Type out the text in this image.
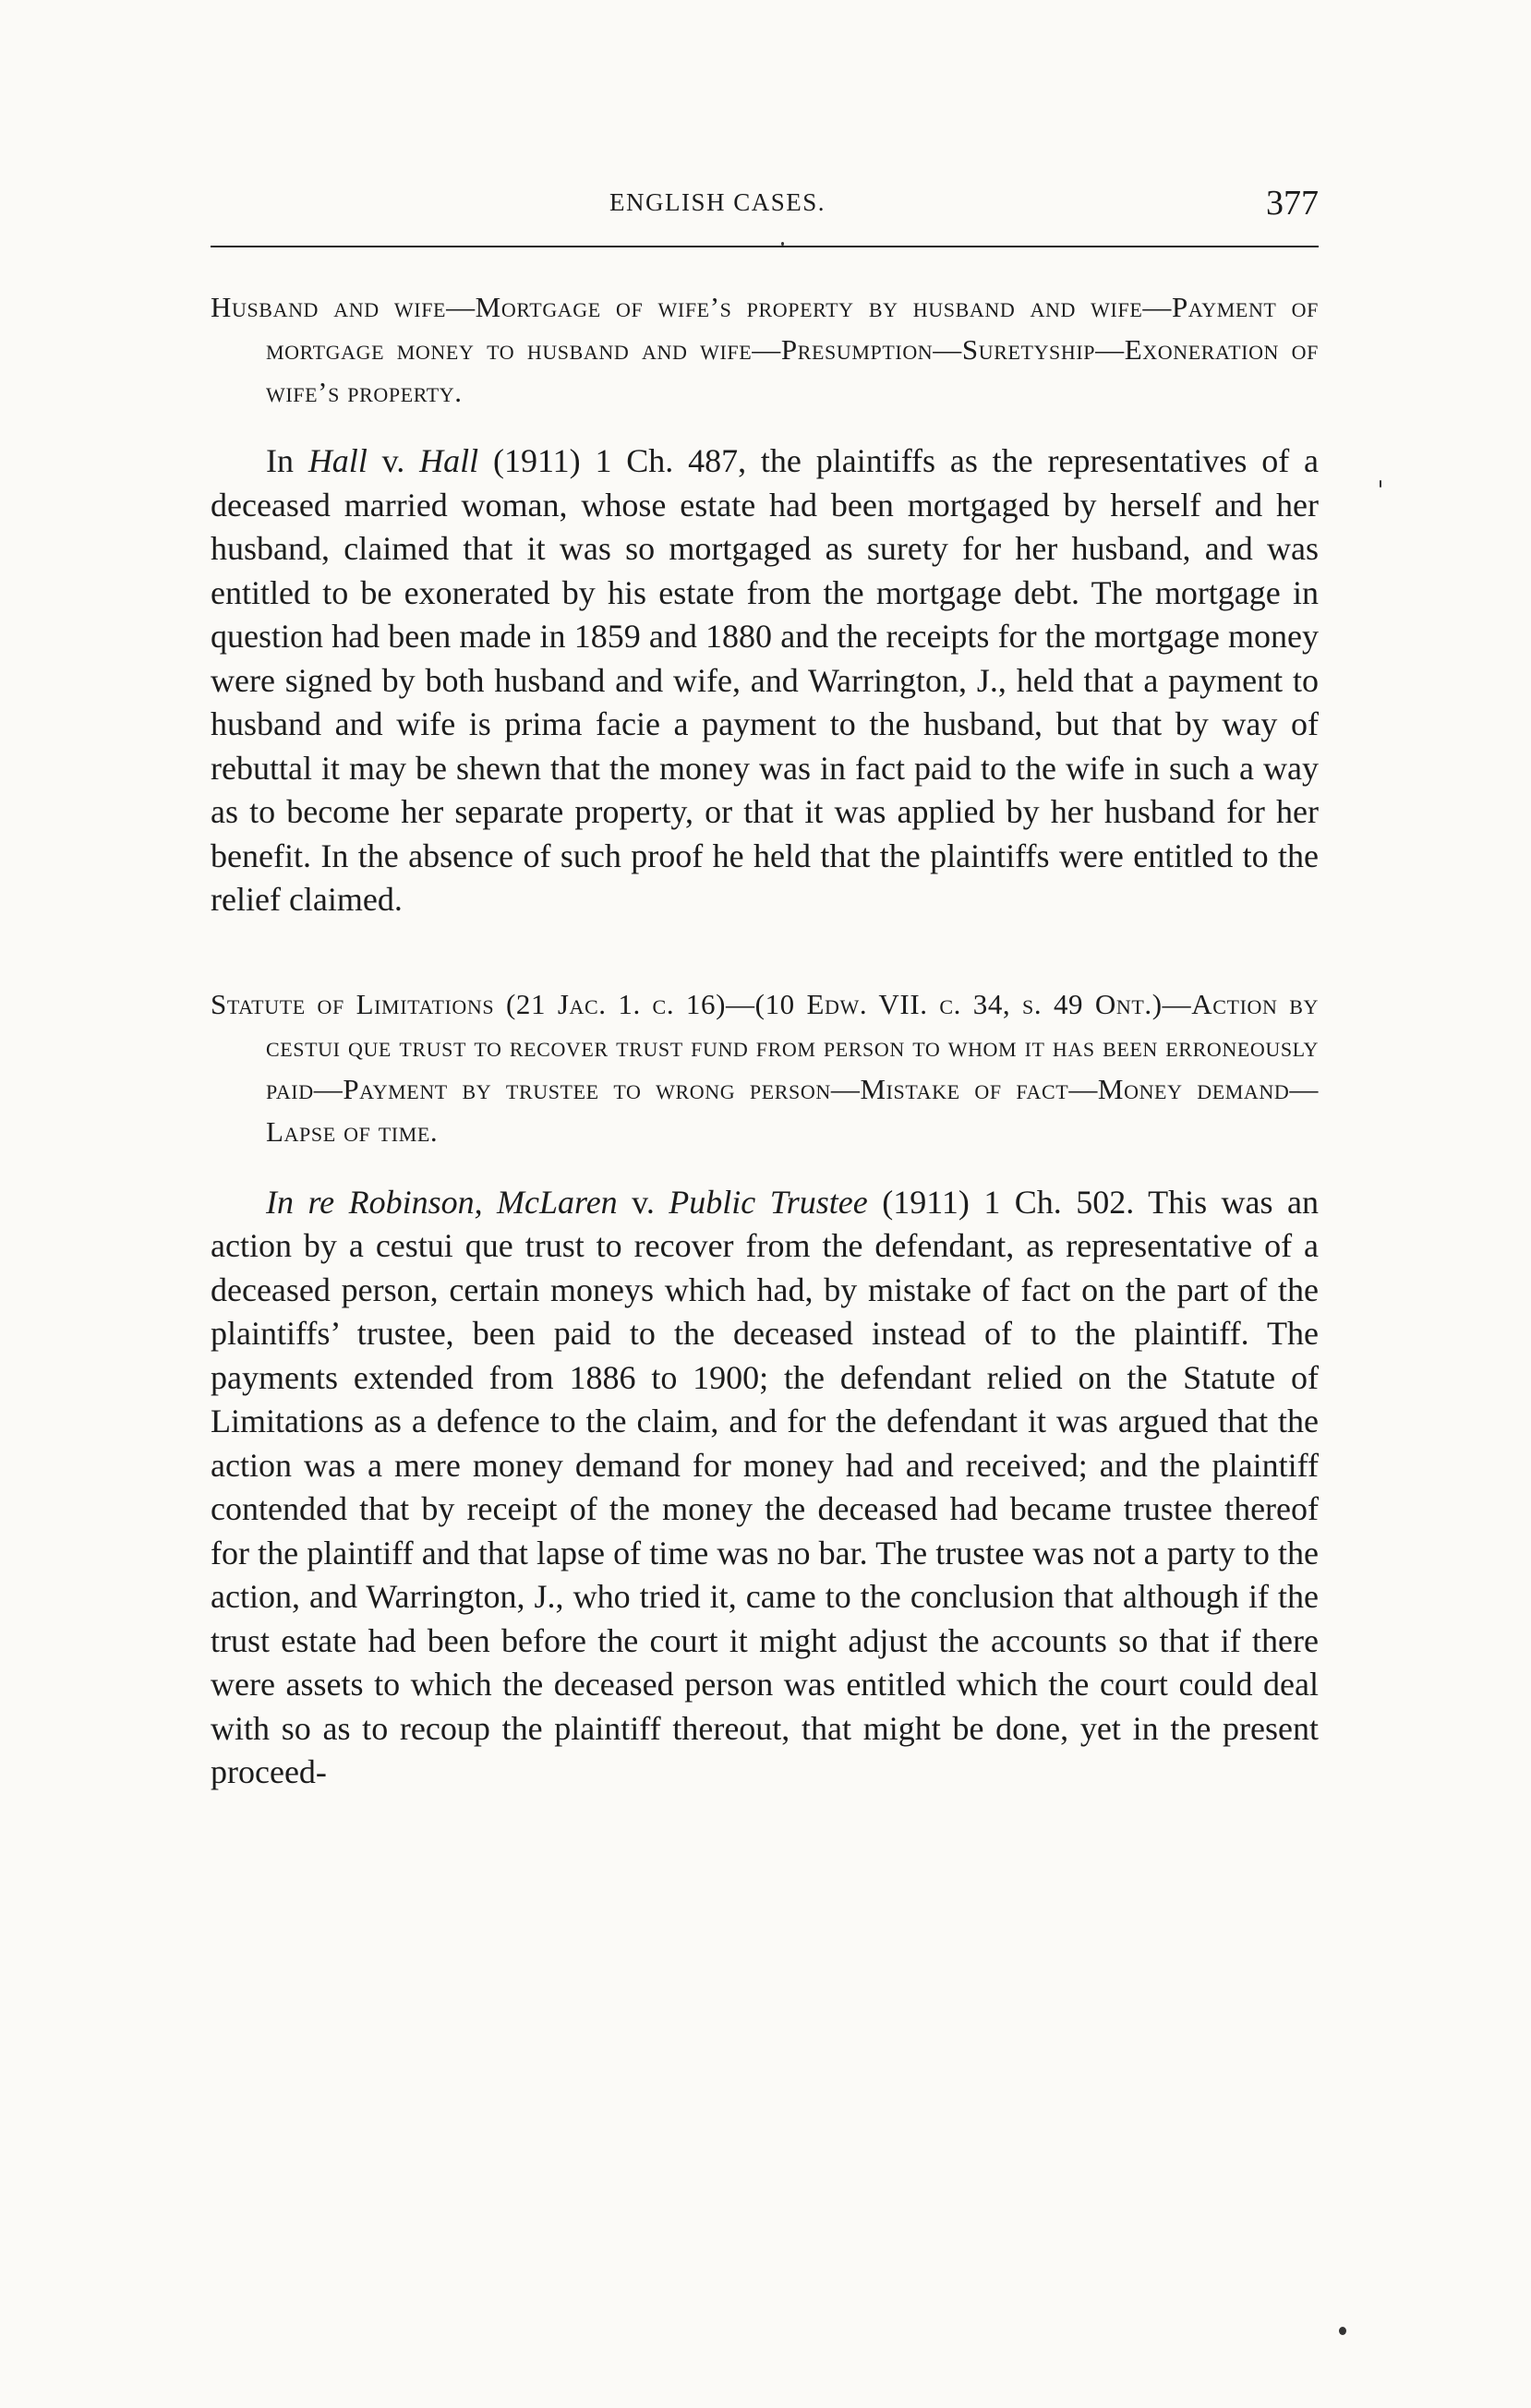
ENGLISH CASES.	377
Husband and wife—Mortgage of wife’s property by husband and wife—Payment of mortgage money to husband and wife—Presumption—Suretyship—Exoneration of wife’s property.

In Hall v. Hall (1911) 1 Ch. 487, the plaintiffs as the representatives of a deceased married woman, whose estate had been mortgaged by herself and her husband, claimed that it was so mortgaged as surety for her husband, and was entitled to be exonerated by his estate from the mortgage debt. The mortgage in question had been made in 1859 and 1880 and the receipts for the mortgage money were signed by both husband and wife, and Warrington, J., held that a payment to husband and wife is prima facie a payment to the husband, but that by way of rebuttal it may be shewn that the money was in fact paid to the wife in such a way as to become her separate property, or that it was applied by her husband for her benefit. In the absence of such proof he held that the plaintiffs were entitled to the relief claimed.

Statute of Limitations (21 Jac. 1. c. 16)—(10 Edw. VII. c. 34, s. 49 Ont.)—Action by cestui que trust to recover trust fund from person to whom it has been erroneously paid—Payment by trustee to wrong person—Mistake of fact—Money demand—Lapse of time.

In re Robinson, McLaren v. Public Trustee (1911) 1 Ch. 502. This was an action by a cestui que trust to recover from the defendant, as representative of a deceased person, certain moneys which had, by mistake of fact on the part of the plaintiffs’ trustee, been paid to the deceased instead of to the plaintiff. The payments extended from 1886 to 1900; the defendant relied on the Statute of Limitations as a defence to the claim, and for the defendant it was argued that the action was a mere money demand for money had and received; and the plaintiff contended that by receipt of the money the deceased had became trustee thereof for the plaintiff and that lapse of time was no bar. The trustee was not a party to the action, and Warrington, J., who tried it, came to the conclusion that although if the trust estate had been before the court it might adjust the accounts so that if there were assets to which the deceased person was entitled which the court could deal with so as to recoup the plaintiff thereout, that might be done, yet in the present proceed-
